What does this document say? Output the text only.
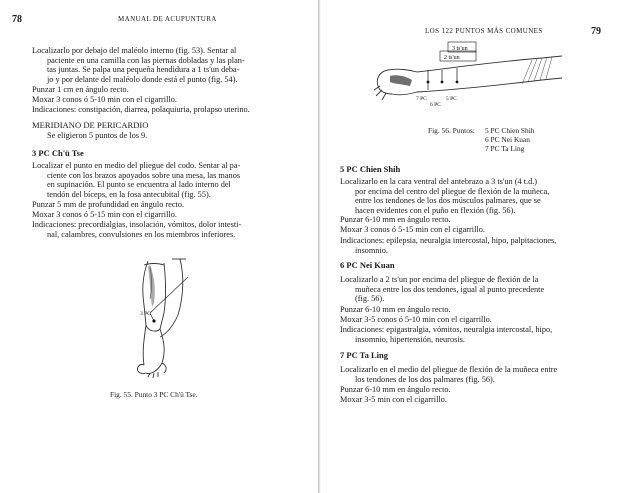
78	MANUAL DE ACUPUNTURA
Localizarlo por debajo del maléolo interno (fig. 53). Sentar al
paciente en una camilla con las piernas dobladas y las plan-
tas juntas. Se palpa una pequeña hendidura a 1 ts'un deba-
jo y por delante del maléolo donde está el punto (fig. 54).
Punzar 1 cm en ángulo recto.
Moxar 3 conos ó 5-10 min con el cigarrillo.
Indicaciones: constipación, diarrea, polaquiuria, prolapso uterino.
MERIDIANO DE PERICARDIO
Se eligieron 5 puntos de los 9.
3 PC Ch'ü Tse
Localizar el punto en medio del pliegue del codo. Sentar al pa-
ciente con los brazos apoyados sobre una mesa, las manos
en supinación. El punto se encuentra al lado interno del
tendón del bíceps, en la fosa antecubital (fig. 55).
Punzar 5 mm de profundidad en ángulo recto.
Moxar 3 conos ó 5-15 min con el cigarrillo.
Indicaciones: precordialgias, insolación, vómitos, dolor intesti-
nal, calambres, convulsiones en los miembros inferiores.
3 PC
Fig. 55. Punto 3 PC Ch'ü Tse.
LOS 122 PUNTOS MÁS COMUNES	79
3 ts'un
2 ts'un
7 PC	5 PC
6 PC
Fig. 56. Puntos: 5 PC Chien Shih
6 PC Nei Kuan
7 PC Ta Ling
5 PC Chien Shih
Localizarlo en la cara ventral del antebrazo a 3 ts'un (4 t.d.)
por encima del centro del pliegue de flexión de la muñeca,
entre los tendones de los dos músculos palmares, que se
hacen evidentes con el puño en flexión (fig. 56).
Punzar 6-10 mm en ángulo recto.
Moxar 3 conos ó 5-15 min con el cigarrillo.
Indicaciones: epilepsia, neuralgia intercostal, hipo, palpitaciones,
insomnio.
6 PC Nei Kuan
Localizarlo a 2 ts'un por encima del pliegue de flexión de la
muñeca entre los dos tendones, igual al punto precedente
(fig. 56).
Punzar 6-10 mm en ángulo recto.
Moxar 3-5 conos ó 5-10 min con el cigarrillo.
Indicaciones: epigastralgia, vómitos, neuralgia intercostal, hipo,
insomnio, hipertensión, neurosis.
7 PC Ta Ling
Localizarlo en el medio del pliegue de flexión de la muñeca entre
los tendones de los dos palmares (fig. 56).
Punzar 6-10 mm en ángulo recto.
Moxar 3-5 min con el cigarrillo.
